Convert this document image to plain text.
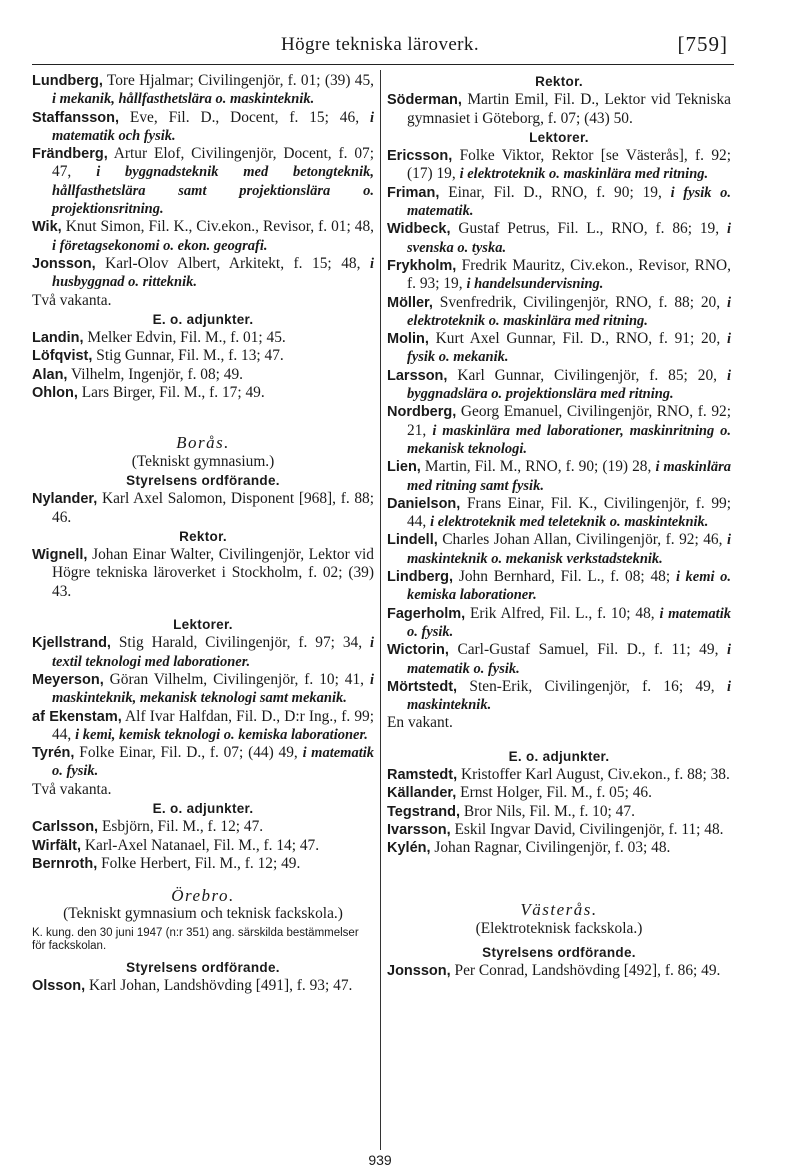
Högre tekniska läroverk.	[759]
Lundberg, Tore Hjalmar; Civilingenjör, f. 01; (39) 45, i mekanik, hållfasthetslära o. maskinteknik.
Staffansson, Eve, Fil. D., Docent, f. 15; 46, i matematik och fysik.
Frändberg, Artur Elof, Civilingenjör, Docent, f. 07; 47, i byggnadsteknik med betongteknik, hållfasthetslära samt projektionslära o. projektionsritning.
Wik, Knut Simon, Fil. K., Civ.ekon., Revisor, f. 01; 48, i företagsekonomi o. ekon. geografi.
Jonsson, Karl-Olov Albert, Arkitekt, f. 15; 48, i husbyggnad o. ritteknik.
Två vakanta.
E. o. adjunkter.
Landin, Melker Edvin, Fil. M., f. 01; 45.
Löfqvist, Stig Gunnar, Fil. M., f. 13; 47.
Alan, Vilhelm, Ingenjör, f. 08; 49.
Ohlon, Lars Birger, Fil. M., f. 17; 49.
Borås.
(Tekniskt gymnasium.)
Styrelsens ordförande.
Nylander, Karl Axel Salomon, Disponent [968], f. 88; 46.
Rektor.
Wignell, Johan Einar Walter, Civilingenjör, Lektor vid Högre tekniska läroverket i Stockholm, f. 02; (39) 43.
Lektorer.
Kjellstrand, Stig Harald, Civilingenjör, f. 97; 34, i textil teknologi med laborationer.
Meyerson, Göran Vilhelm, Civilingenjör, f. 10; 41, i maskinteknik, mekanisk teknologi samt mekanik.
af Ekenstam, Alf Ivar Halfdan, Fil. D., D:r Ing., f. 99; 44, i kemi, kemisk teknologi o. kemiska laborationer.
Tyrén, Folke Einar, Fil. D., f. 07; (44) 49, i matematik o. fysik.
Två vakanta.
E. o. adjunkter.
Carlsson, Esbjörn, Fil. M., f. 12; 47.
Wirfält, Karl-Axel Natanael, Fil. M., f. 14; 47.
Bernroth, Folke Herbert, Fil. M., f. 12; 49.
Örebro.
(Tekniskt gymnasium och teknisk fackskola.)
K. kung. den 30 juni 1947 (n:r 351) ang. särskilda bestämmelser för fackskolan.
Styrelsens ordförande.
Olsson, Karl Johan, Landshövding [491], f. 93; 47.
Rektor.
Söderman, Martin Emil, Fil. D., Lektor vid Tekniska gymnasiet i Göteborg, f. 07; (43) 50.
Lektorer.
Ericsson, Folke Viktor, Rektor [se Västerås], f. 92; (17) 19, i elektroteknik o. maskinlära med ritning.
Friman, Einar, Fil. D., RNO, f. 90; 19, i fysik o. matematik.
Widbeck, Gustaf Petrus, Fil. L., RNO, f. 86; 19, i svenska o. tyska.
Frykholm, Fredrik Mauritz, Civ.ekon., Revisor, RNO, f. 93; 19, i handelsundervisning.
Möller, Svenfredrik, Civilingenjör, RNO, f. 88; 20, i elektroteknik o. maskinlära med ritning.
Molin, Kurt Axel Gunnar, Fil. D., RNO, f. 91; 20, i fysik o. mekanik.
Larsson, Karl Gunnar, Civilingenjör, f. 85; 20, i byggnadslära o. projektionslära med ritning.
Nordberg, Georg Emanuel, Civilingenjör, RNO, f. 92; 21, i maskinlära med laborationer, maskinritning o. mekanisk teknologi.
Lien, Martin, Fil. M., RNO, f. 90; (19) 28, i maskinlära med ritning samt fysik.
Danielson, Frans Einar, Fil. K., Civilingenjör, f. 99; 44, i elektroteknik med teleteknik o. maskinteknik.
Lindell, Charles Johan Allan, Civilingenjör, f. 92; 46, i maskinteknik o. mekanisk verkstadsteknik.
Lindberg, John Bernhard, Fil. L., f. 08; 48; i kemi o. kemiska laborationer.
Fagerholm, Erik Alfred, Fil. L., f. 10; 48, i matematik o. fysik.
Wictorin, Carl-Gustaf Samuel, Fil. D., f. 11; 49, i matematik o. fysik.
Mörtstedt, Sten-Erik, Civilingenjör, f. 16; 49, i maskinteknik.
En vakant.
E. o. adjunkter.
Ramstedt, Kristoffer Karl August, Civ.ekon., f. 88; 38.
Källander, Ernst Holger, Fil. M., f. 05; 46.
Tegstrand, Bror Nils, Fil. M., f. 10; 47.
Ivarsson, Eskil Ingvar David, Civilingenjör, f. 11; 48.
Kylén, Johan Ragnar, Civilingenjör, f. 03; 48.
Västerås.
(Elektroteknisk fackskola.)
Styrelsens ordförande.
Jonsson, Per Conrad, Landshövding [492], f. 86; 49.
939
